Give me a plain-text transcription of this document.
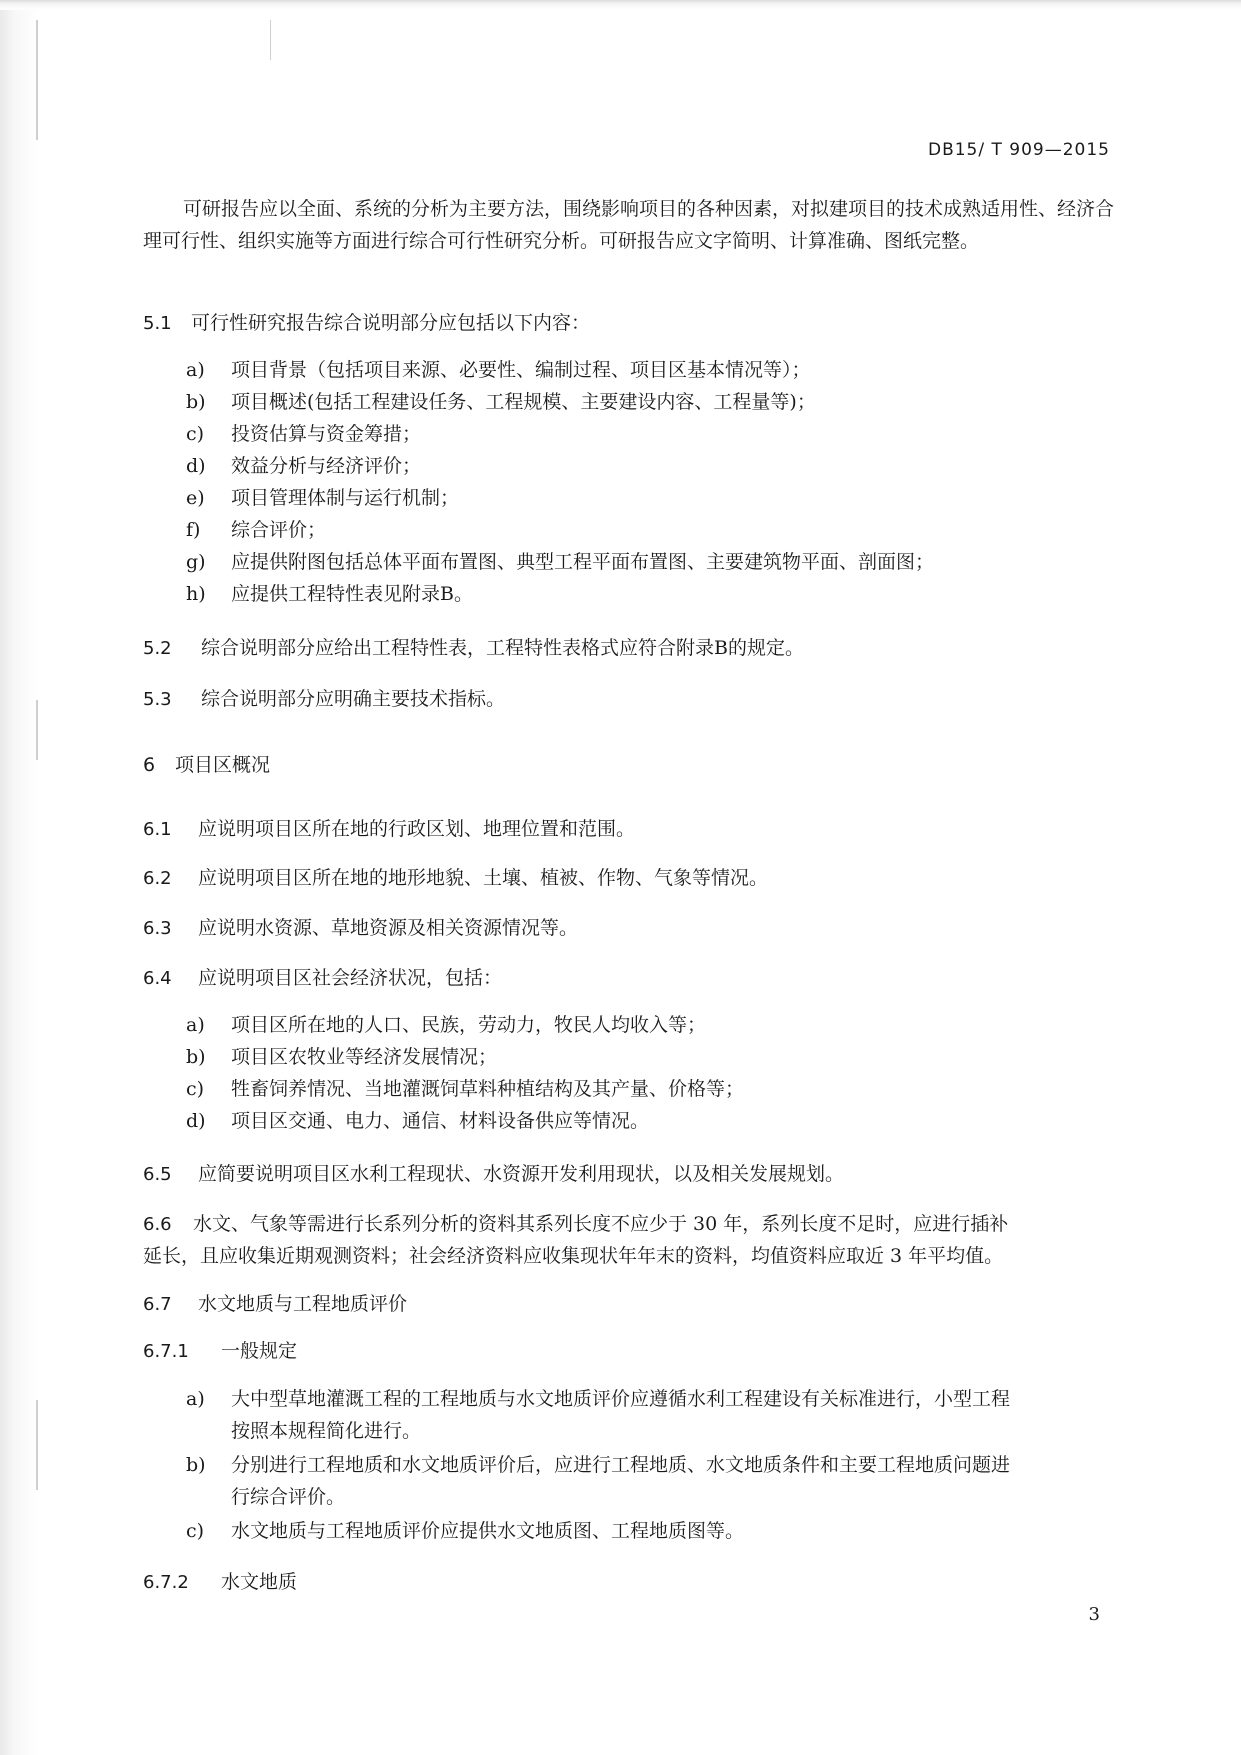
DB15/ T 909—2015
可研报告应以全面、系统的分析为主要方法，围绕影响项目的各种因素，对拟建项目的技术成熟适用性、经济合理可行性、组织实施等方面进行综合可行性研究分析。可研报告应文字简明、计算准确、图纸完整。
5.1 可行性研究报告综合说明部分应包括以下内容：
a) 项目背景（包括项目来源、必要性、编制过程、项目区基本情况等）；
b) 项目概述(包括工程建设任务、工程规模、主要建设内容、工程量等)；
c) 投资估算与资金筹措；
d) 效益分析与经济评价；
e) 项目管理体制与运行机制；
f) 综合评价；
g) 应提供附图包括总体平面布置图、典型工程平面布置图、主要建筑物平面、剖面图；
h) 应提供工程特性表见附录B。
5.2 综合说明部分应给出工程特性表，工程特性表格式应符合附录B的规定。
5.3 综合说明部分应明确主要技术指标。
6 项目区概况
6.1 应说明项目区所在地的行政区划、地理位置和范围。
6.2 应说明项目区所在地的地形地貌、土壤、植被、作物、气象等情况。
6.3 应说明水资源、草地资源及相关资源情况等。
6.4 应说明项目区社会经济状况，包括：
a) 项目区所在地的人口、民族，劳动力，牧民人均收入等；
b) 项目区农牧业等经济发展情况；
c) 牲畜饲养情况、当地灌溉饲草料种植结构及其产量、价格等；
d) 项目区交通、电力、通信、材料设备供应等情况。
6.5 应简要说明项目区水利工程现状、水资源开发利用现状，以及相关发展规划。
6.6 水文、气象等需进行长系列分析的资料其系列长度不应少于 30 年，系列长度不足时，应进行插补
延长，且应收集近期观测资料；社会经济资料应收集现状年年末的资料，均值资料应取近 3 年平均值。
6.7 水文地质与工程地质评价
6.7.1 一般规定
a) 大中型草地灌溉工程的工程地质与水文地质评价应遵循水利工程建设有关标准进行，小型工程
按照本规程简化进行。
b) 分别进行工程地质和水文地质评价后，应进行工程地质、水文地质条件和主要工程地质问题进
行综合评价。
c) 水文地质与工程地质评价应提供水文地质图、工程地质图等。
6.7.2 水文地质
3
